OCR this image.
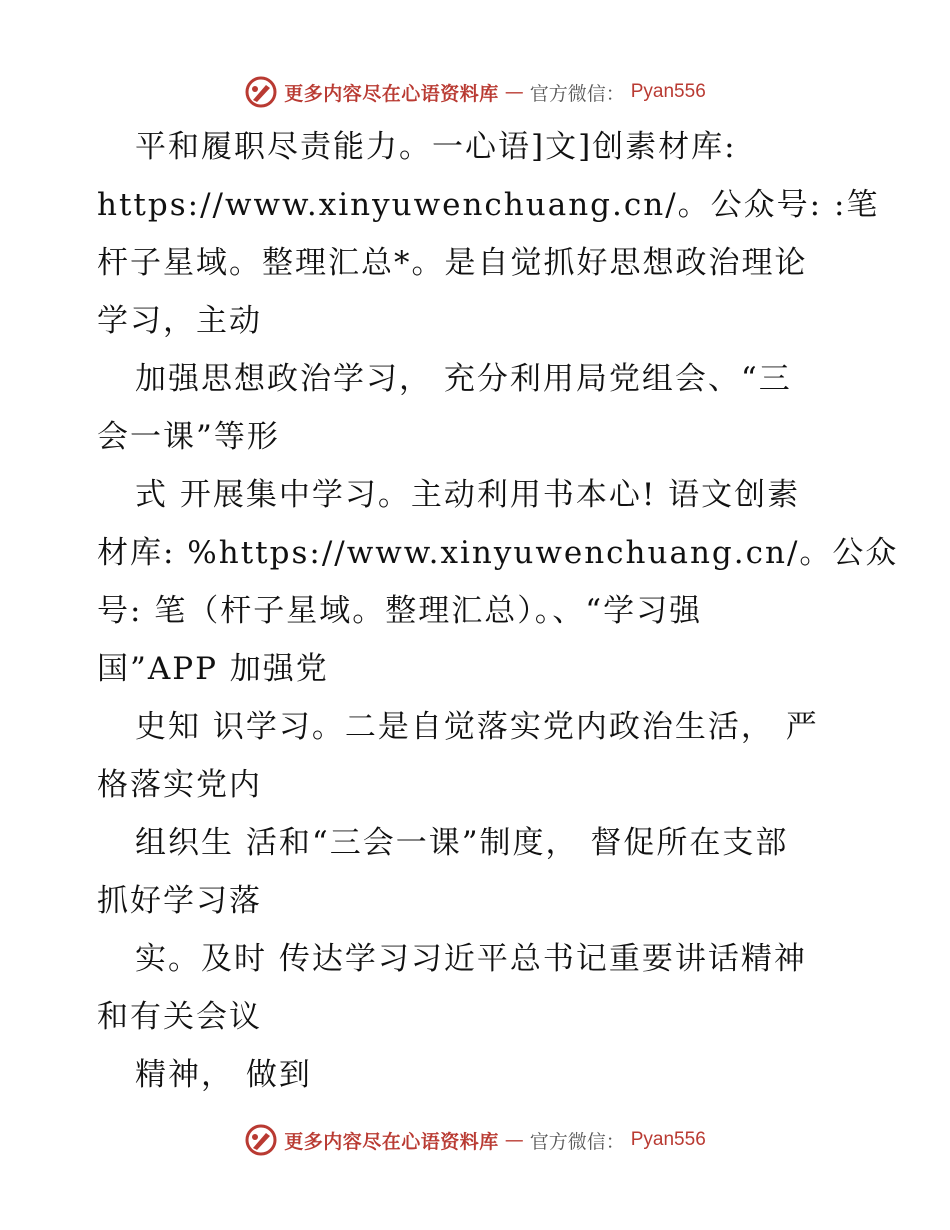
更多内容尽在心语资料库 — 官方微信： Pyan556
平和履职尽责能力。一心语]文]创素材库:
https://www.xinyuwenchuang.cn/。公众号: :笔
杆子星域。整理汇总*。是自觉抓好思想政治理论
学习，主动
加强思想政治学习， 充分利用局党组会、“三
会一课”等形
式 开展集中学习。主动利用书本心! 语文创素
材库: %https://www.xinyuwenchuang.cn/。公众
号: 笔（杆子星域。整理汇总）。、“学习强
国”APP 加强党
史知 识学习。二是自觉落实党内政治生活， 严
格落实党内
组织生 活和“三会一课”制度， 督促所在支部
抓好学习落
实。及时 传达学习习近平总书记重要讲话精神
和有关会议
精神， 做到
更多内容尽在心语资料库 — 官方微信： Pyan556
